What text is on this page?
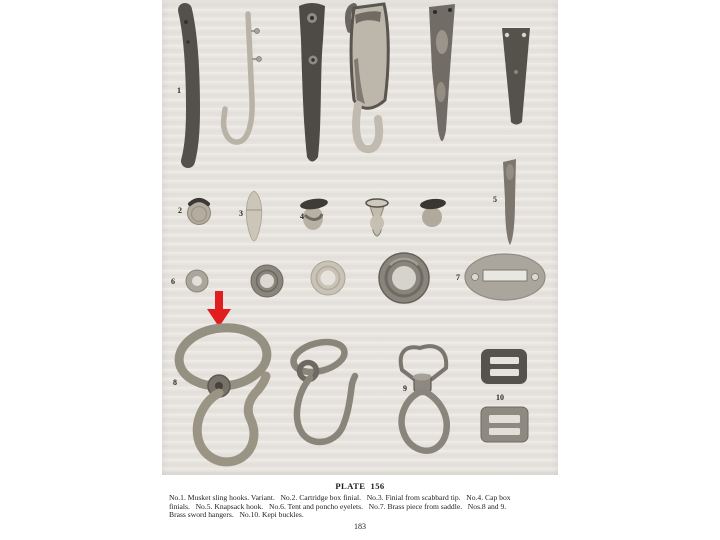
1
2	3	4
5
6	7
8
9
10
PLATE  156
No.1. Musket sling hooks. Variant.   No.2. Cartridge box finial.   No.3. Finial from scabbard tip.   No.4. Cap box
finials.   No.5. Knapsack hook.   No.6. Tent and poncho eyelets.   No.7. Brass piece from saddle.   Nos.8 and 9.
Brass sword hangers.   No.10. Kepi buckles.
183
